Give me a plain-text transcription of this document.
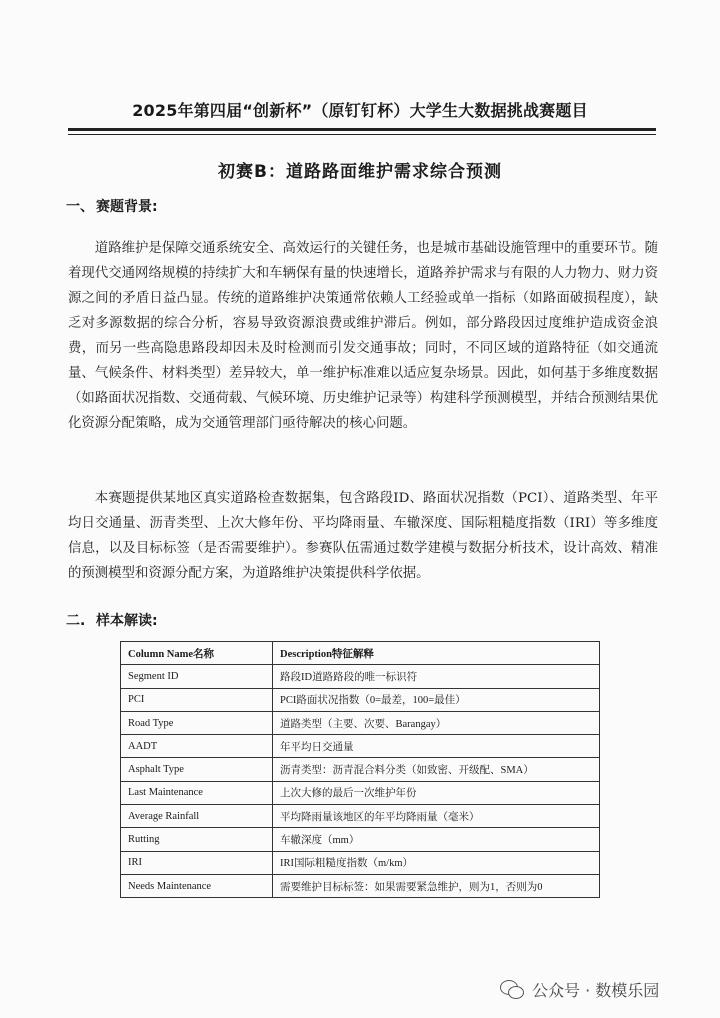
2025年第四届“创新杯”（原钉钉杯）大学生大数据挑战赛题目
初赛B：道路路面维护需求综合预测
一、 赛题背景:

道路维护是保障交通系统安全、高效运行的关键任务，也是城市基础设施管理中的重要环节。随着现代交通网络规模的持续扩大和车辆保有量的快速增长，道路养护需求与有限的人力物力、财力资源之间的矛盾日益凸显。传统的道路维护决策通常依赖人工经验或单一指标（如路面破损程度），缺乏对多源数据的综合分析，容易导致资源浪费或维护滞后。例如，部分路段因过度维护造成资金浪费，而另一些高隐患路段却因未及时检测而引发交通事故；同时，不同区域的道路特征（如交通流量、气候条件、材料类型）差异较大，单一维护标准难以适应复杂场景。因此，如何基于多维度数据（如路面状况指数、交通荷载、气候环境、历史维护记录等）构建科学预测模型，并结合预测结果优化资源分配策略，成为交通管理部门亟待解决的核心问题。

本赛题提供某地区真实道路检查数据集，包含路段ID、路面状况指数（PCI）、道路类型、年平均日交通量、沥青类型、上次大修年份、平均降雨量、车辙深度、国际粗糙度指数（IRI）等多维度信息，以及目标标签（是否需要维护）。参赛队伍需通过数学建模与数据分析技术，设计高效、精准的预测模型和资源分配方案，为道路维护决策提供科学依据。

二. 样本解读:
Column Name名称	Description特征解释
Segment ID	路段ID道路路段的唯一标识符
PCI	PCI路面状况指数（0=最差，100=最佳）
Road Type	道路类型（主要、次要、Barangay）
AADT	年平均日交通量
Asphalt Type	沥青类型：沥青混合料分类（如致密、开级配、SMA）
Last Maintenance	上次大修的最后一次维护年份
Average Rainfall	平均降雨量该地区的年平均降雨量（毫米）
Rutting	车辙深度（mm）
IRI	IRI国际粗糙度指数（m/km）
Needs Maintenance	需要维护目标标签：如果需要紧急维护，则为1，否则为0
公众号 · 数模乐园
